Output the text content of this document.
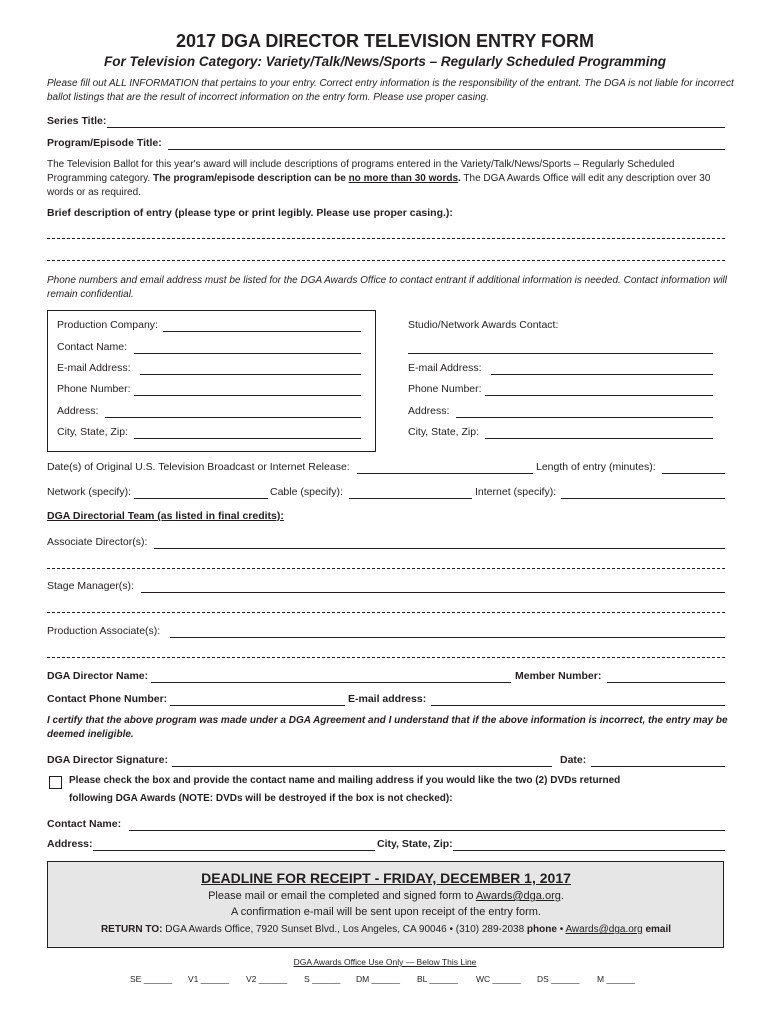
2017 DGA DIRECTOR TELEVISION ENTRY FORM
For Television Category: Variety/Talk/News/Sports – Regularly Scheduled Programming
Please fill out ALL INFORMATION that pertains to your entry. Correct entry information is the responsibility of the entrant. The DGA is not liable for incorrect ballot listings that are the result of incorrect information on the entry form. Please use proper casing.
Series Title:
Program/Episode Title:
The Television Ballot for this year's award will include descriptions of programs entered in the Variety/Talk/News/Sports – Regularly Scheduled Programming category. The program/episode description can be no more than 30 words. The DGA Awards Office will edit any description over 30 words or as required.
Brief description of entry (please type or print legibly. Please use proper casing.):
Phone numbers and email address must be listed for the DGA Awards Office to contact entrant if additional information is needed. Contact information will remain confidential.
Production Company:
Contact Name:
E-mail Address:
Phone Number:
Address:
City, State, Zip:
Studio/Network Awards Contact:
E-mail Address:
Phone Number:
Address:
City, State, Zip:
Date(s) of Original U.S. Television Broadcast or Internet Release:	Length of entry (minutes):
Network (specify):	Cable (specify):	Internet (specify):
DGA Directorial Team (as listed in final credits):
Associate Director(s):
Stage Manager(s):
Production Associate(s):
DGA Director Name:	Member Number:
Contact Phone Number:	E-mail address:
I certify that the above program was made under a DGA Agreement and I understand that if the above information is incorrect, the entry may be deemed ineligible.
DGA Director Signature:	Date:
Please check the box and provide the contact name and mailing address if you would like the two (2) DVDs returned
following DGA Awards (NOTE: DVDs will be destroyed if the box is not checked):
Contact Name:
Address:	City, State, Zip:
DEADLINE FOR RECEIPT - FRIDAY, DECEMBER 1, 2017
Please mail or email the completed and signed form to Awards@dga.org.
A confirmation e-mail will be sent upon receipt of the entry form.
RETURN TO: DGA Awards Office, 7920 Sunset Blvd., Los Angeles, CA 90046 • (310) 289-2038 phone • Awards@dga.org email
DGA Awards Office Use Only — Below This Line
SE ______ V1 ______ V2 ______ S ______ DM ______ BL ______ WC ______ DS ______ M ______
